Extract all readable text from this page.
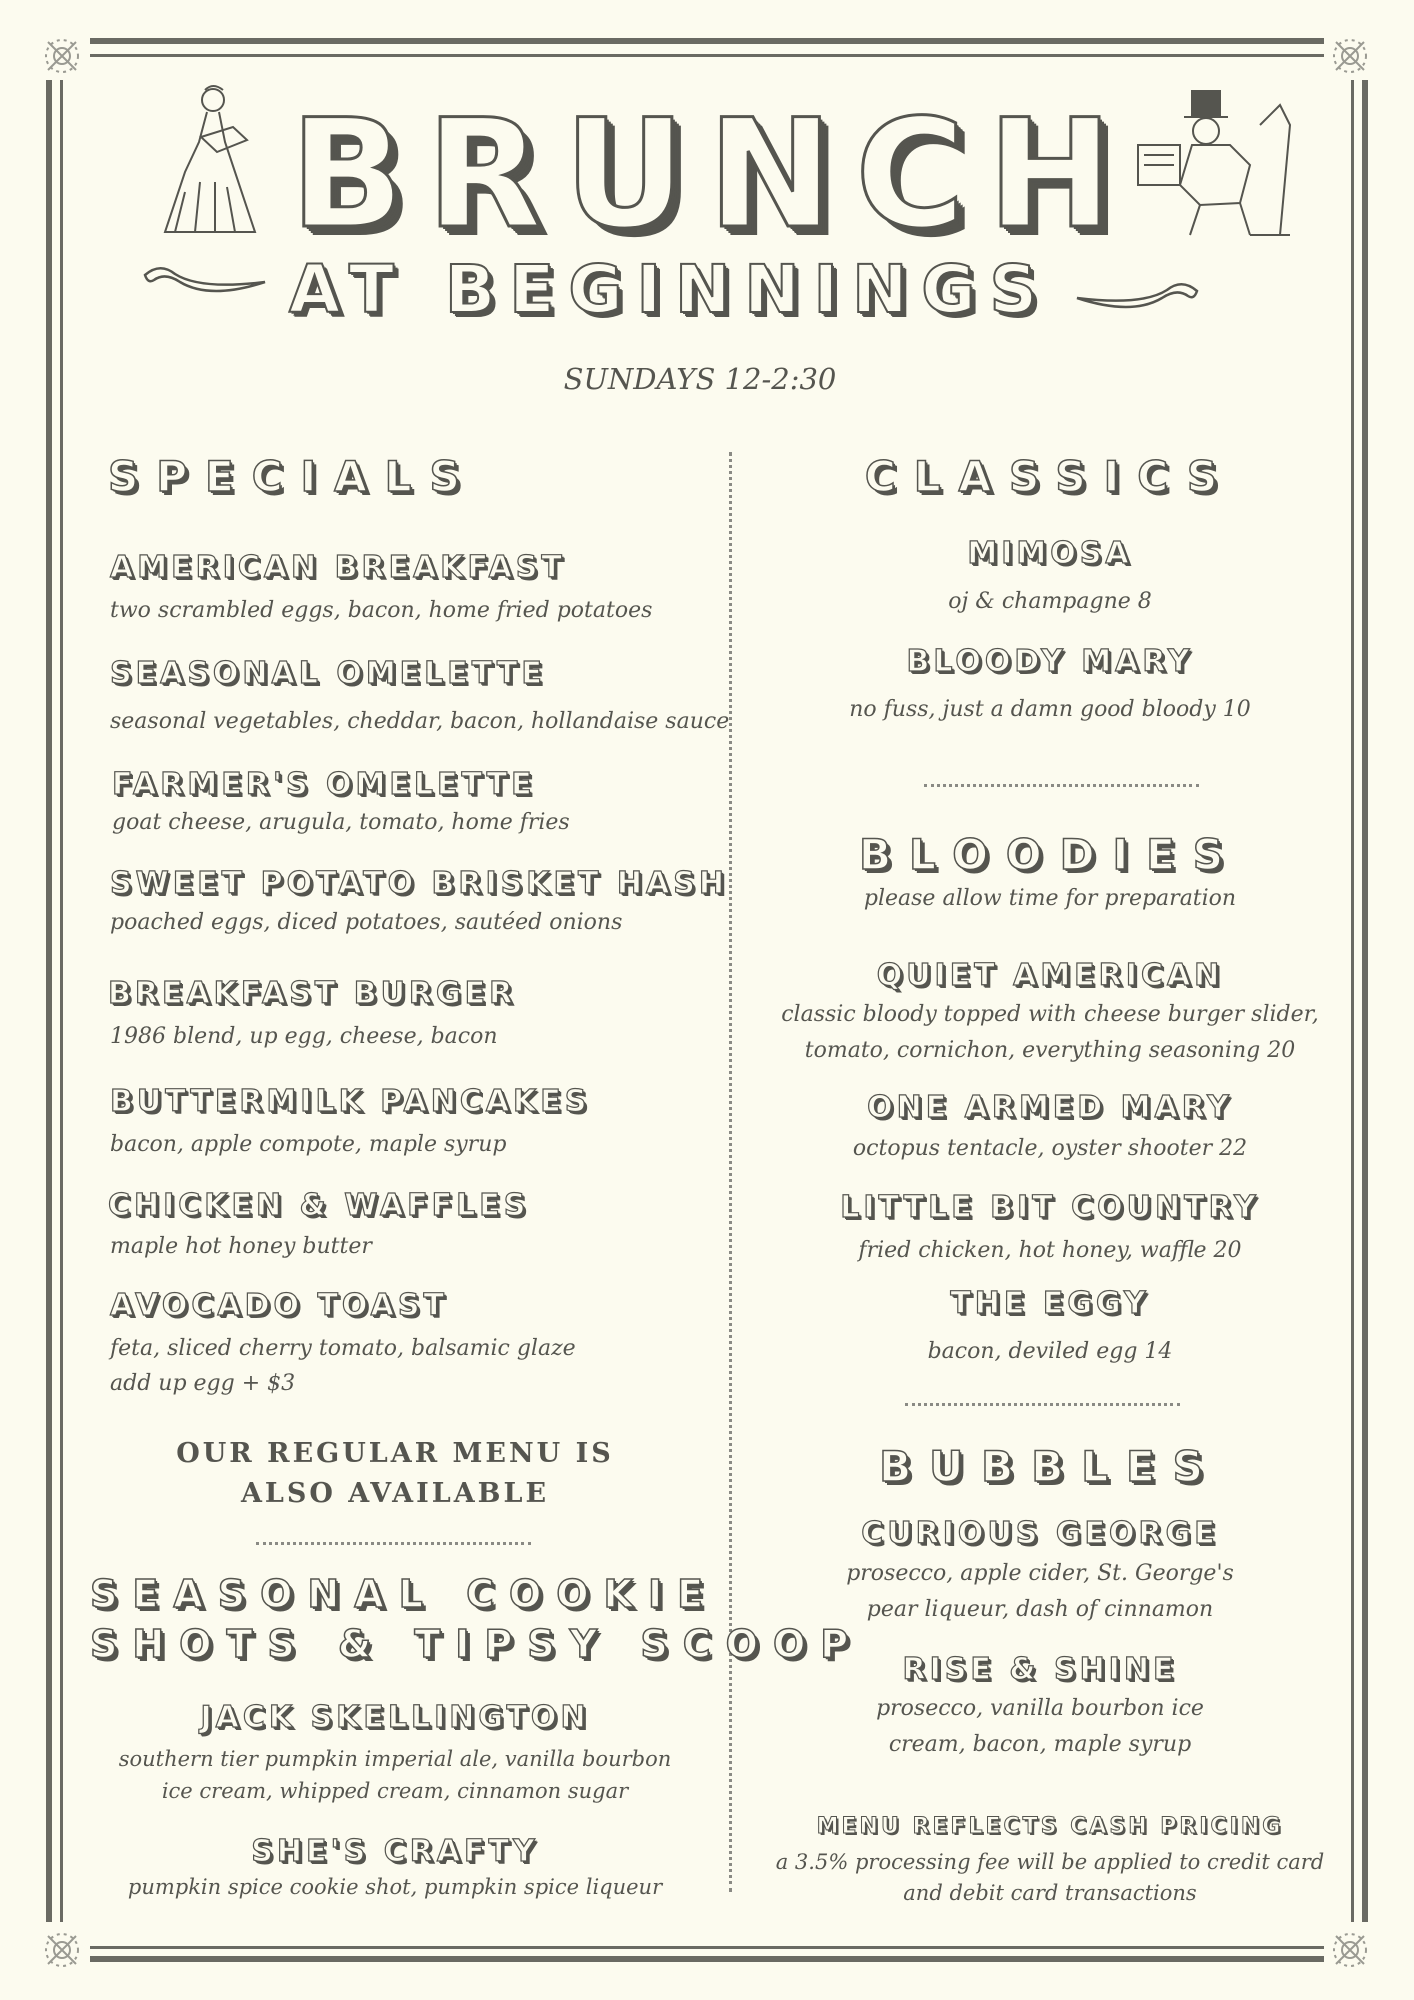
BRUNCH
AT BEGINNINGS
SUNDAYS 12-2:30
SPECIALS
AMERICAN BREAKFAST
two scrambled eggs, bacon, home fried potatoes
SEASONAL OMELETTE
seasonal vegetables, cheddar, bacon, hollandaise sauce
FARMER'S OMELETTE
goat cheese, arugula, tomato, home fries
SWEET POTATO BRISKET HASH
poached eggs, diced potatoes, sautéed onions
BREAKFAST BURGER
1986 blend, up egg, cheese, bacon
BUTTERMILK PANCAKES
bacon, apple compote, maple syrup
CHICKEN & WAFFLES
maple hot honey butter
AVOCADO TOAST
feta, sliced cherry tomato, balsamic glaze
add up egg + $3
OUR REGULAR MENU IS
ALSO AVAILABLE
SEASONAL COOKIE
SHOTS & TIPSY SCOOP
JACK SKELLINGTON
southern tier pumpkin imperial ale, vanilla bourbon
ice cream, whipped cream, cinnamon sugar
SHE'S CRAFTY
pumpkin spice cookie shot, pumpkin spice liqueur
CLASSICS
MIMOSA
oj & champagne 8
BLOODY MARY
no fuss, just a damn good bloody 10
BLOODIES
please allow time for preparation
QUIET AMERICAN
classic bloody topped with cheese burger slider,
tomato, cornichon, everything seasoning 20
ONE ARMED MARY
octopus tentacle, oyster shooter 22
LITTLE BIT COUNTRY
fried chicken, hot honey, waffle 20
THE EGGY
bacon, deviled egg 14
BUBBLES
CURIOUS GEORGE
prosecco, apple cider, St. George's
pear liqueur, dash of cinnamon
RISE & SHINE
prosecco, vanilla bourbon ice
cream, bacon, maple syrup
MENU REFLECTS CASH PRICING
a 3.5% processing fee will be applied to credit card
and debit card transactions
